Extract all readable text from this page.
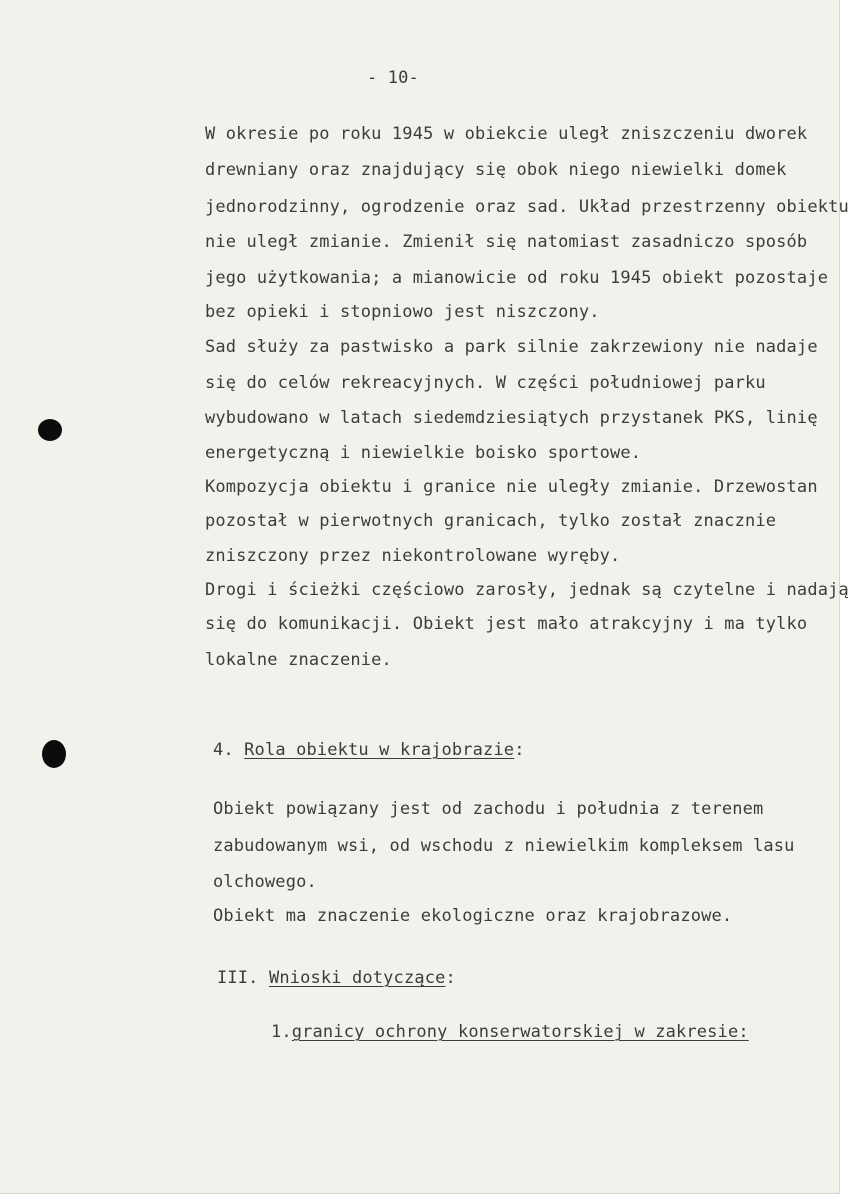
- 10-
W okresie po roku 1945 w obiekcie uległ zniszczeniu dworek
drewniany oraz znajdujący się obok niego niewielki domek
jednorodzinny, ogrodzenie oraz sad. Układ przestrzenny obiektu
nie uległ zmianie. Zmienił się natomiast zasadniczo sposób
jego użytkowania; a mianowicie od roku 1945 obiekt pozostaje
bez opieki i stopniowo jest niszczony.
Sad służy za pastwisko a park silnie zakrzewiony nie nadaje
się do celów rekreacyjnych. W części południowej parku
wybudowano w latach siedemdziesiątych przystanek PKS, linię
energetyczną i niewielkie boisko sportowe.
Kompozycja obiektu i granice nie uległy zmianie. Drzewostan
pozostał w pierwotnych granicach, tylko został znacznie
zniszczony przez niekontrolowane wyręby.
Drogi i ścieżki częściowo zarosły, jednak są czytelne i nadają
się do komunikacji. Obiekt jest mało atrakcyjny i ma tylko
lokalne znaczenie.
4. Rola obiektu w krajobrazie:
Obiekt powiązany jest od zachodu i południa z terenem
zabudowanym wsi, od wschodu z niewielkim kompleksem lasu
olchowego.
Obiekt ma znaczenie ekologiczne oraz krajobrazowe.
III. Wnioski dotyczące:
1.granicy ochrony konserwatorskiej w zakresie:
